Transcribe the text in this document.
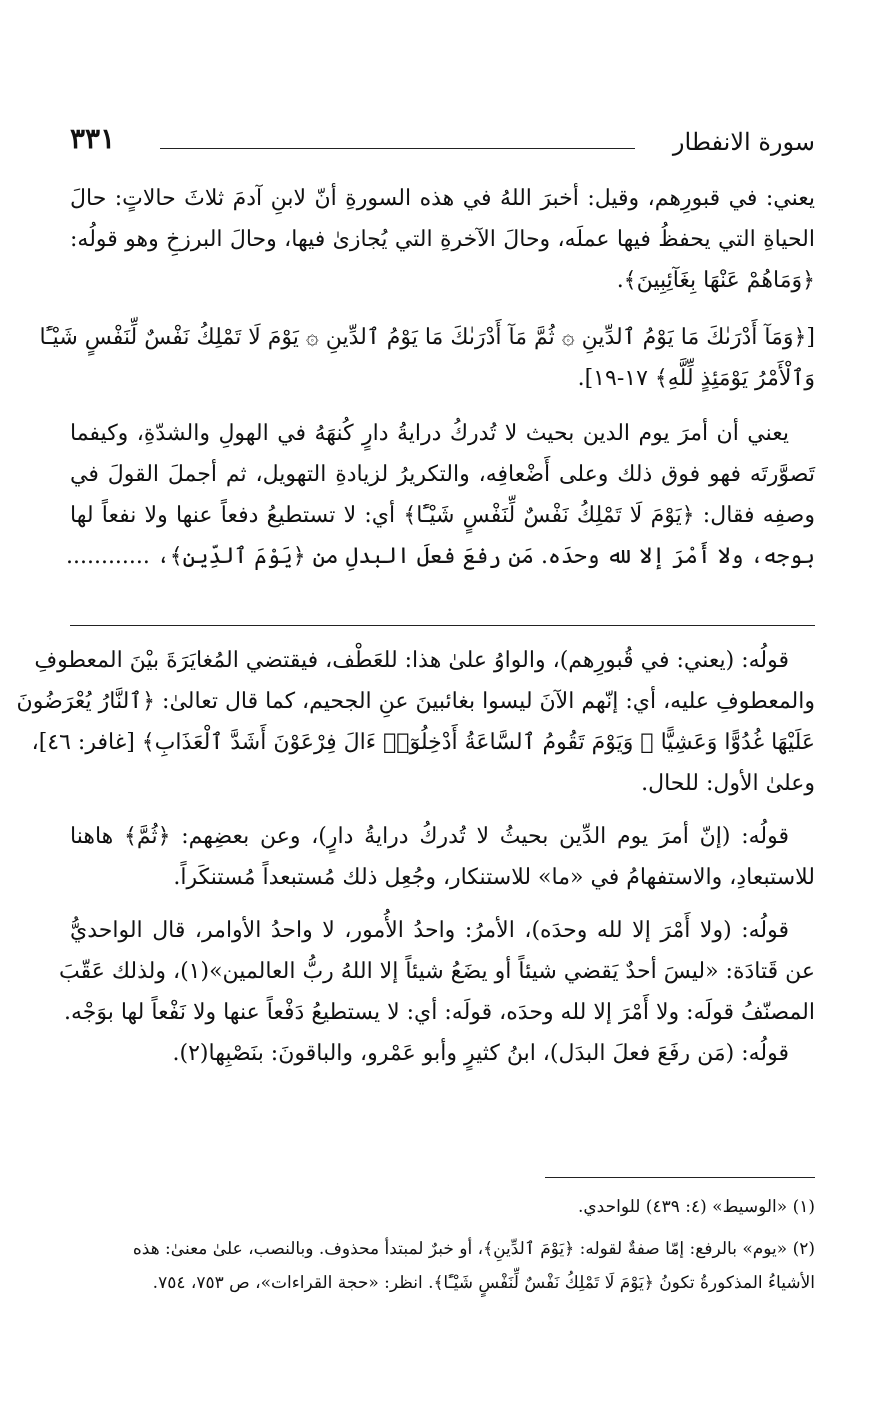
سورة الانفطار
٣٣١
يعني: في قبورِهم، وقيل: أخبرَ اللهُ في هذه السورةِ أنّ لابنِ آدمَ ثلاثَ حالاتٍ: حالَ
الحياةِ التي يحفظُ فيها عملَه، وحالَ الآخرةِ التي يُجازىٰ فيها، وحالَ البرزخِ وهو قولُه:
﴿وَمَاهُمْ عَنْهَا بِغَآئِبِينَ﴾.
[﴿وَمَآ أَدْرَىٰكَ مَا يَوْمُ ٱلدِّينِ ۞ ثُمَّ مَآ أَدْرَىٰكَ مَا يَوْمُ ٱلدِّينِ ۞ يَوْمَ لَا تَمْلِكُ نَفْسٌ لِّنَفْسٍ شَيْـًٔا
وَٱلْأَمْرُ يَوْمَئِذٍ لِّلَّهِ﴾ ١٧-١٩].
يعني أن أمرَ يوم الدين بحيث لا تُدركُ درايةُ دارٍ كُنهَهُ في الهولِ والشدّةِ، وكيفما
تَصوَّرتَه فهو فوق ذلك وعلى أَضْعافِه، والتكريرُ لزيادةِ التهويل، ثم أجملَ القولَ في
وصفِه فقال: ﴿يَوْمَ لَا تَمْلِكُ نَفْسٌ لِّنَفْسٍ شَيْـًٔا﴾ أي: لا تستطيعُ دفعاً عنها ولا نفعاً لها
بوجه، ولا أَمْرَ إلا لله وحدَه. مَن رفعَ فعلَ البدلِ من ﴿يَوْمَ ٱلدِّينِ﴾، ............
قولُه: (يعني: في قُبورِهم)، والواوُ علىٰ هذا: للعَطْف، فيقتضي المُغايَرَةَ بيْنَ المعطوفِ
والمعطوفِ عليه، أي: إنّهم الآنَ ليسوا بغائبينَ عنِ الجحيم، كما قال تعالىٰ: ﴿ٱلنَّارُ يُعْرَضُونَ
عَلَيْهَا غُدُوًّا وَعَشِيًّا ۖ وَيَوْمَ تَقُومُ ٱلسَّاعَةُ أَدْخِلُوٓا۟ ءَالَ فِرْعَوْنَ أَشَدَّ ٱلْعَذَابِ﴾ [غافر: ٤٦]،
وعلىٰ الأول: للحال.
قولُه: (إنّ أمرَ يوم الدِّين بحيثُ لا تُدركُ درايةُ دارٍ)، وعن بعضِهم: ﴿ثُمَّ﴾ هاهنا
للاستبعادِ، والاستفهامُ في «ما» للاستنكار، وجُعِل ذلك مُستبعداً مُستنكَراً.
قولُه: (ولا أَمْرَ إلا لله وحدَه)، الأمرُ: واحدُ الأُمور، لا واحدُ الأوامر، قال الواحديُّ
عن قَتادَة: «ليسَ أحدٌ يَقضي شيئاً أو يضَعُ شيئاً إلا اللهُ ربُّ العالمين»(١)، ولذلك عَقّبَ
المصنّفُ قولَه: ولا أَمْرَ إلا لله وحدَه، قولَه: أي: لا يستطيعُ دَفْعاً عنها ولا نَفْعاً لها بوَجْه.
قولُه: (مَن رفَعَ فعلَ البدَل)، ابنُ كثيرٍ وأبو عَمْرو، والباقونَ: بنَصْبِها(٢).
(١) «الوسيط» (٤: ٤٣٩) للواحدي.
(٢) «يوم» بالرفع: إمّا صفةٌ لقوله: ﴿يَوْمَ ٱلدِّينِ﴾، أو خبرٌ لمبتدأ محذوف. وبالنصب، علىٰ معنىٰ: هذه
الأشياءُ المذكورةُ تكونُ ﴿يَوْمَ لَا تَمْلِكُ نَفْسٌ لِّنَفْسٍ شَيْـًٔا﴾. انظر: «حجة القراءات»، ص ٧٥٣، ٧٥٤.
